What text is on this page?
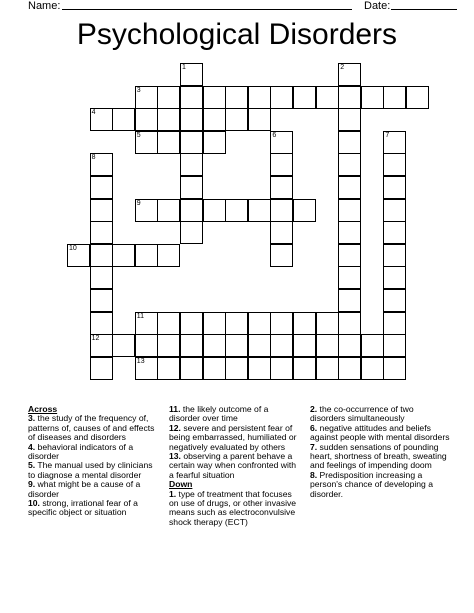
Name:	Date:
Psychological Disorders
1	2
3
4
5	6	7
8
12
9
10
11
13
Across

3. the study of the frequency of, patterns of, causes of and effects of diseases and disorders

4. behavioral indicators of a disorder

5. The manual used by clinicians to diagnose a mental disorder

9. what might be a cause of a disorder

10. strong, irrational fear of a specific object or situation

11. the likely outcome of a disorder over time

12. severe and persistent fear of being embarrassed, humiliated or negatively evaluated by others

13. observing a parent behave a certain way when confronted with a fearful situation

Down

1. type of treatment that focuses on use of drugs, or other invasive means such as electroconvulsive shock therapy (ECT)

2. the co-occurrence of two disorders simultaneously

6. negative attitudes and beliefs against people with mental disorders

7. sudden sensations of pounding heart, shortness of breath, sweating and feelings of impending doom

8. Predisposition increasing a person's chance of developing a disorder.
